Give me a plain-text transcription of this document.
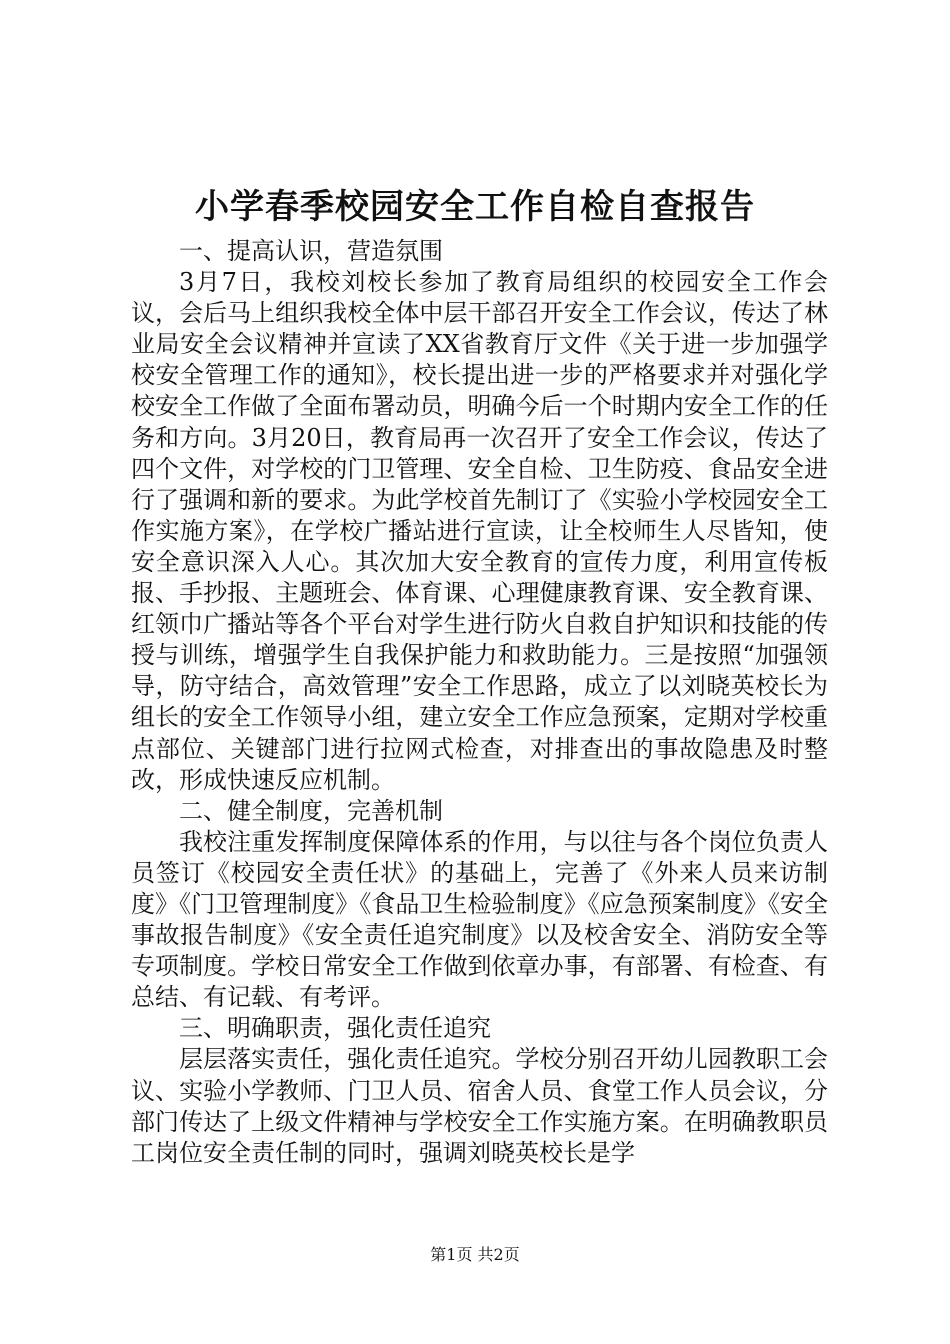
小学春季校园安全工作自检自查报告

一、提高认识，营造氛围

3月7日，我校刘校长参加了教育局组织的校园安全工作会议，会后马上组织我校全体中层干部召开安全工作会议，传达了林业局安全会议精神并宣读了XX省教育厅文件《关于进一步加强学校安全管理工作的通知》，校长提出进一步的严格要求并对强化学校安全工作做了全面布署动员，明确今后一个时期内安全工作的任务和方向。3月20日，教育局再一次召开了安全工作会议，传达了四个文件，对学校的门卫管理、安全自检、卫生防疫、食品安全进行了强调和新的要求。为此学校首先制订了《实验小学校园安全工作实施方案》，在学校广播站进行宣读，让全校师生人尽皆知，使安全意识深入人心。其次加大安全教育的宣传力度，利用宣传板报、手抄报、主题班会、体育课、心理健康教育课、安全教育课、红领巾广播站等各个平台对学生进行防火自救自护知识和技能的传授与训练，增强学生自我保护能力和救助能力。三是按照“加强领导，防守结合，高效管理”安全工作思路，成立了以刘晓英校长为组长的安全工作领导小组，建立安全工作应急预案，定期对学校重点部位、关键部门进行拉网式检查，对排查出的事故隐患及时整改，形成快速反应机制。

二、健全制度，完善机制

我校注重发挥制度保障体系的作用，与以往与各个岗位负责人员签订《校园安全责任状》的基础上，完善了《外来人员来访制度》《门卫管理制度》《食品卫生检验制度》《应急预案制度》《安全事故报告制度》《安全责任追究制度》以及校舍安全、消防安全等专项制度。学校日常安全工作做到依章办事，有部署、有检查、有总结、有记载、有考评。

三、明确职责，强化责任追究

层层落实责任，强化责任追究。学校分别召开幼儿园教职工会议、实验小学教师、门卫人员、宿舍人员、食堂工作人员会议，分部门传达了上级文件精神与学校安全工作实施方案。在明确教职员工岗位安全责任制的同时，强调刘晓英校长是学

第1页 共2页
